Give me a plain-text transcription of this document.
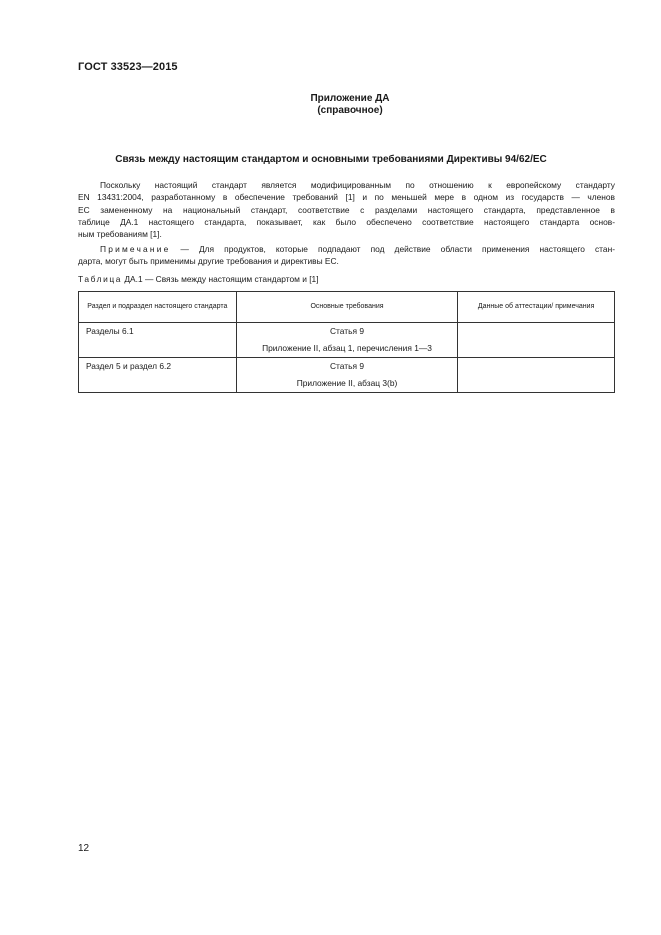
ГОСТ 33523—2015
Приложение ДА
(справочное)
Связь между настоящим стандартом и основными требованиями Директивы 94/62/ЕС
Поскольку настоящий стандарт является модифицированным по отношению к европейскому стандарту
EN 13431:2004, разработанному в обеспечение требований [1] и по меньшей мере в одном из государств — членов
ЕС замененному на национальный стандарт, соответствие с разделами настоящего стандарта, представленное в
таблице ДА.1 настоящего стандарта, показывает, как было обеспечено соответствие настоящего стандарта основ-
ным требованиям [1].
Примечание — Для продуктов, которые подпадают под действие области применения настоящего стан-
дарта, могут быть применимы другие требования и директивы ЕС.
Таблица ДА.1 — Связь между настоящим стандартом и [1]
Раздел и подраздел настоящего стандарта	Основные требования	Данные об аттестации/ примечания

Разделы 6.1	Статья 9
Приложение II, абзац 1, перечисления 1—3	

Раздел 5 и раздел 6.2	Статья 9
Приложение II, абзац 3(b)	

12
